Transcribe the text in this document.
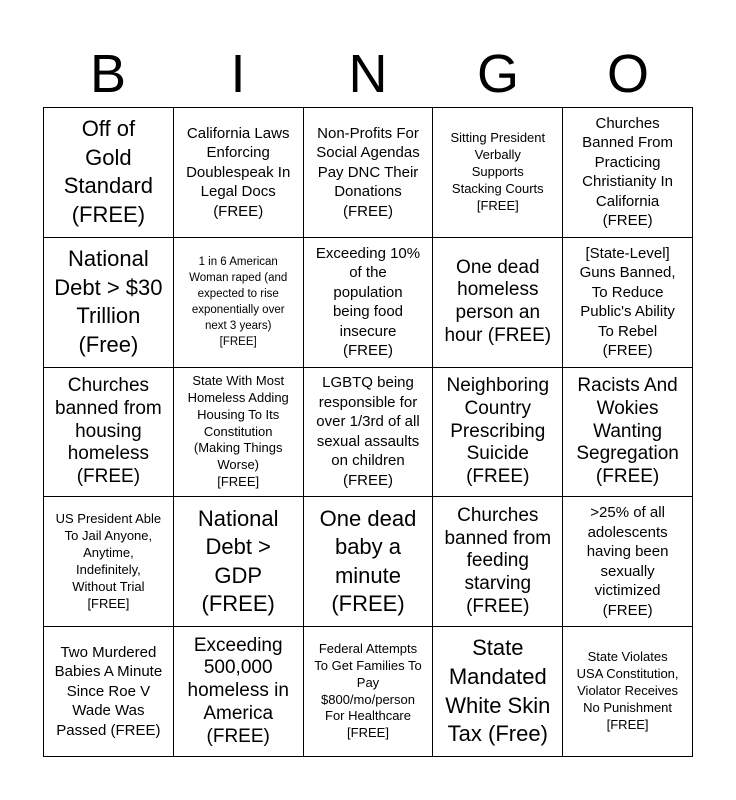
B	I	N	G	O
Off of
Gold
Standard
(FREE)
California Laws
Enforcing
Doublespeak In
Legal Docs
(FREE)
Non-Profits For
Social Agendas
Pay DNC Their
Donations
(FREE)
Sitting President
Verbally
Supports
Stacking Courts
[FREE]
Churches
Banned From
Practicing
Christianity In
California
(FREE)
National
Debt > $30
Trillion
(Free)
1 in 6 American
Woman raped (and
expected to rise
exponentially over
next 3 years)
[FREE]
Exceeding 10%
of the
population
being food
insecure
(FREE)
One dead
homeless
person an
hour (FREE)
[State-Level]
Guns Banned,
To Reduce
Public's Ability
To Rebel
(FREE)
Churches
banned from
housing
homeless
(FREE)
State With Most
Homeless Adding
Housing To Its
Constitution
(Making Things
Worse)
[FREE]
LGBTQ being
responsible for
over 1/3rd of all
sexual assaults
on children
(FREE)
Neighboring
Country
Prescribing
Suicide
(FREE)
Racists And
Wokies
Wanting
Segregation
(FREE)
US President Able
To Jail Anyone,
Anytime,
Indefinitely,
Without Trial
[FREE]
National
Debt >
GDP
(FREE)
One dead
baby a
minute
(FREE)
Churches
banned from
feeding
starving
(FREE)
>25% of all
adolescents
having been
sexually
victimized
(FREE)
Two Murdered
Babies A Minute
Since Roe V
Wade Was
Passed (FREE)
Exceeding
500,000
homeless in
America
(FREE)
Federal Attempts
To Get Families To
Pay
$800/mo/person
For Healthcare
[FREE]
State
Mandated
White Skin
Tax (Free)
State Violates
USA Constitution,
Violator Receives
No Punishment
[FREE]
